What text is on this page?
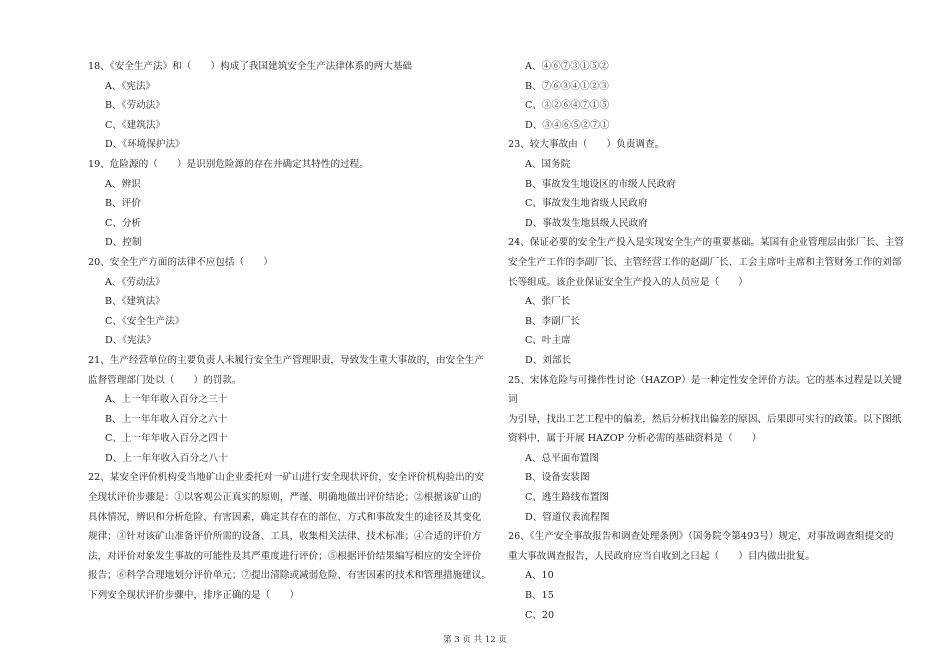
18、《安全生产法》和（　　）构成了我国建筑安全生产法律体系的两大基础

A、《宪法》

B、《劳动法》

C、《建筑法》

D、《环境保护法》

19、危险源的（　　）是识别危险源的存在并确定其特性的过程。

A、辨识

B、评价

C、分析

D、控制

20、安全生产方面的法律不应包括（　　）

A、《劳动法》

B、《建筑法》

C、《安全生产法》

D、《宪法》

21、生产经营单位的主要负责人未履行安全生产管理职责，导致发生重大事故的，由安全生产

监督管理部门处以（　　）的罚款。

A、上一年年收入百分之三十

B、上一年年收入百分之六十

C、上一年年收入百分之四十

D、上一年年收入百分之八十

22、某安全评价机构受当地矿山企业委托对一矿山进行安全现状评价，安全评价机构验出的安

全现状评价步骤是：①以客观公正真实的原则，严谨、明确地做出评价结论；②根据该矿山的

具体情况，辨识和分析危险、有害因素，确定其存在的部位、方式和事故发生的途径及其变化

规律；③针对该矿山准备评价所需的设备、工具，收集相关法律、技术标准；④合适的评价方

法，对评价对象发生事故的可能性及其严重度进行评价；⑤根据评价结果编写相应的安全评价

报告；⑥科学合理地划分评价单元；⑦提出清除或减弱危险、有害因素的技术和管理措施建议。

下列安全现状评价步骤中，排序正确的是（　　）

A、④⑥⑦③①⑤②

B、⑦⑥③④①②③

C、③②⑥④⑦①⑤

D、③④⑥⑤②⑦①

23、较大事故由（　　）负责调查。

A、国务院

B、事故发生地设区的市级人民政府

C、事故发生地省级人民政府

D、事故发生地县级人民政府

24、保证必要的安全生产投入是实现安全生产的重要基础。某国有企业管理层由张厂长、主管

安全生产工作的李副厂长、主管经营工作的赵副厂长、工会主席叶主席和主管财务工作的刘部

长等组成。该企业保证安全生产投入的人员应是（　　）

A、张厂长

B、李副厂长

C、叶主席

D、刘部长

25、宋体危险与可操作性讨论（HAZOP）是一种定性安全评价方法。它的基本过程是以关键词

为引导，找出工艺工程中的偏差，然后分析找出偏差的原因、后果即可实行的政策。以下图纸

资料中，属于开展 HAZOP 分析必需的基础资料是（　　）

A、总平面布置图

B、设备安装图

C、逃生路线布置图

D、管道仪表流程图

26、《生产安全事故报告和调查处理条例》（国务院令第493号）规定，对事故调查组提交的

重大事故调查报告，人民政府应当自收到之曰起（　　）目内做出批复。

A、10

B、15

C、20

第 3 页 共 12 页
